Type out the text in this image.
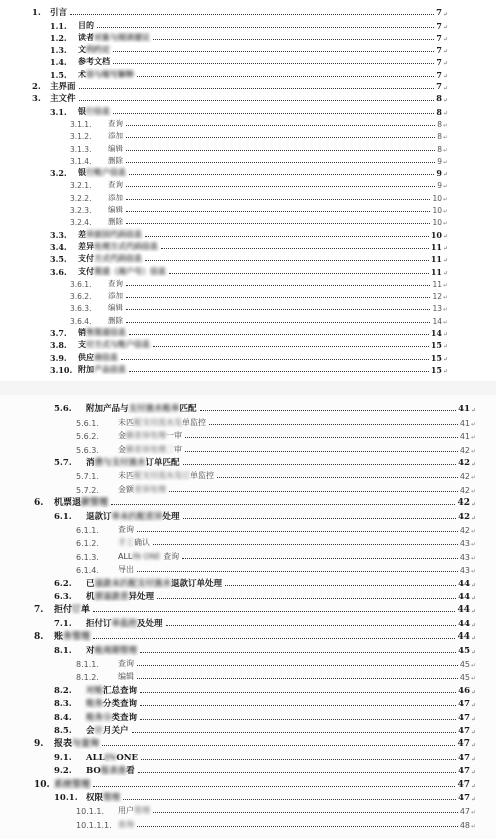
1.	引言	7 ↵
1.1.	目的	7 ↵
1.2.	读者对象与阅读建议	7 ↵
1.3.	文档约定	7 ↵
1.4.	参考文档	7 ↵
1.5.	术语与缩写解释	7 ↵
2.	主界面	7 ↵
3.	主文件	8 ↵
3.1.	银行信息	8 ↵
3.1.1.	查询	8 ↵
3.1.2.	添加	8 ↵
3.1.3.	编辑	8 ↵
3.1.4.	删除	9 ↵
3.2.	银行账户信息	9 ↵
3.2.1.	查询	9 ↵
3.2.2.	添加	10 ↵
3.2.3.	编辑	10 ↵
3.2.4.	删除	10 ↵
3.3.	差异原因代码信息	10 ↵
3.4.	差异处理方式代码信息	11 ↵
3.5.	支付方式代码信息	11 ↵
3.6.	支付渠道（商户号）信息	11 ↵
3.6.1.	查询	11 ↵
3.6.2.	添加	12 ↵
3.6.3.	编辑	13 ↵
3.6.4.	删除	14 ↵
3.7.	销售渠道信息	14 ↵
3.8.	支付方式与账户信息	15 ↵
3.9.	供应商信息	15 ↵
3.10. 附加产品信息	15 ↵
5.6.	附加产品与支付流水账单匹配	41 ↵
5.6.1.	未匹配支付流水及单监控	41 ↵
5.6.2.	金额差异处理一审	41 ↵
5.6.3.	金额差异处理二审	42 ↵
5.7.	消费与支付流水订单匹配	42 ↵
5.7.1.	未匹配支付流水及订单监控	42 ↵
5.7.2.	金额差异处理	42 ↵
6.	机票退款管理	42 ↵
6.1.	退款订单未匹配差异处理	42 ↵
6.1.1.	查询	42 ↵
6.1.2.	手工确认	43 ↵
6.1.3.	ALLIN ONE 查询	43 ↵
6.1.4.	导出	43 ↵
6.2.	已退款未匹配支付流水退款订单处理	44 ↵
6.3.	机票退款差异处理	44 ↵
7.	拒付订单	44 ↵
7.1.	拒付订单监控及处理	44 ↵
8.	账务管理	44 ↵
8.1.	对账周期管理	45 ↵
8.1.1.	查询	45 ↵
8.1.2.	编辑	45 ↵
8.2.	对账汇总查询	46 ↵
8.3.	账务分类查询	47 ↵
8.4.	账务分类查询	47 ↵
8.5.	会计月关户	47 ↵
9.	报表与查询	47 ↵
9.1.	ALLINONE	47 ↵
9.2.	BO报表查看	47 ↵
10. 系统管理	47 ↵
10.1. 权限管理	47 ↵
10.1.1.	用户管理	47 ↵
10.1.1.1. 查询	48 ↵
